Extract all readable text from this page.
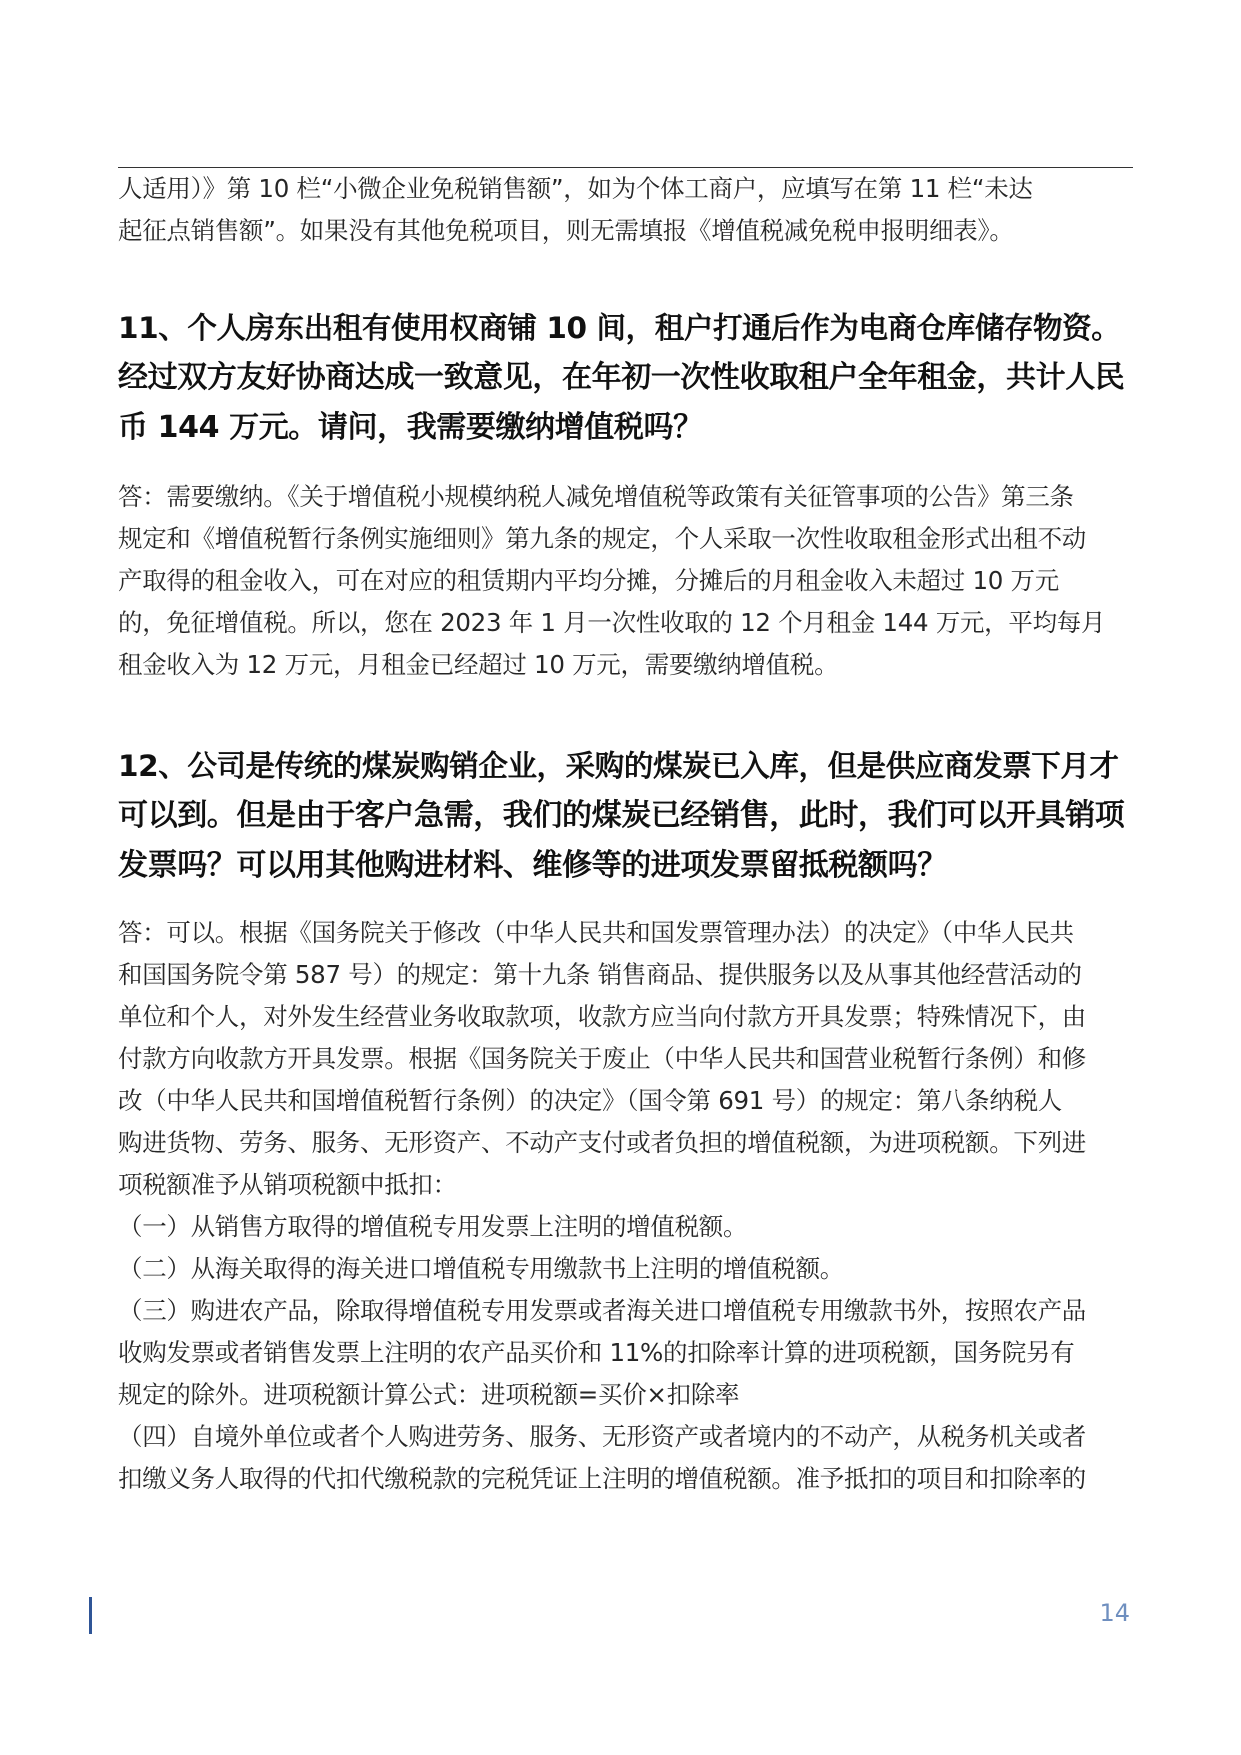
人适用）》第 10 栏“小微企业免税销售额”，如为个体工商户，应填写在第 11 栏“未达

起征点销售额”。如果没有其他免税项目，则无需填报《增值税减免税申报明细表》。

11、个人房东出租有使用权商铺 10 间，租户打通后作为电商仓库储存物资。

经过双方友好协商达成一致意见，在年初一次性收取租户全年租金，共计人民

币 144 万元。请问，我需要缴纳增值税吗？

答：需要缴纳。《关于增值税小规模纳税人减免增值税等政策有关征管事项的公告》第三条

规定和《增值税暂行条例实施细则》第九条的规定，个人采取一次性收取租金形式出租不动

产取得的租金收入，可在对应的租赁期内平均分摊，分摊后的月租金收入未超过 10 万元

的，免征增值税。所以，您在 2023 年 1 月一次性收取的 12 个月租金 144 万元，平均每月

租金收入为 12 万元，月租金已经超过 10 万元，需要缴纳增值税。

12、公司是传统的煤炭购销企业，采购的煤炭已入库，但是供应商发票下月才

可以到。但是由于客户急需，我们的煤炭已经销售，此时，我们可以开具销项

发票吗？可以用其他购进材料、维修等的进项发票留抵税额吗？

答：可以。根据《国务院关于修改（中华人民共和国发票管理办法）的决定》（中华人民共

和国国务院令第 587 号）的规定：第十九条 销售商品、提供服务以及从事其他经营活动的

单位和个人，对外发生经营业务收取款项，收款方应当向付款方开具发票；特殊情况下，由

付款方向收款方开具发票。根据《国务院关于废止（中华人民共和国营业税暂行条例）和修

改（中华人民共和国增值税暂行条例）的决定》（国令第 691 号）的规定：第八条纳税人

购进货物、劳务、服务、无形资产、不动产支付或者负担的增值税额，为进项税额。下列进

项税额准予从销项税额中抵扣：

（一）从销售方取得的增值税专用发票上注明的增值税额。

（二）从海关取得的海关进口增值税专用缴款书上注明的增值税额。

（三）购进农产品，除取得增值税专用发票或者海关进口增值税专用缴款书外，按照农产品

收购发票或者销售发票上注明的农产品买价和 11%的扣除率计算的进项税额，国务院另有

规定的除外。进项税额计算公式：进项税额=买价×扣除率

（四）自境外单位或者个人购进劳务、服务、无形资产或者境内的不动产，从税务机关或者

扣缴义务人取得的代扣代缴税款的完税凭证上注明的增值税额。准予抵扣的项目和扣除率的

14
